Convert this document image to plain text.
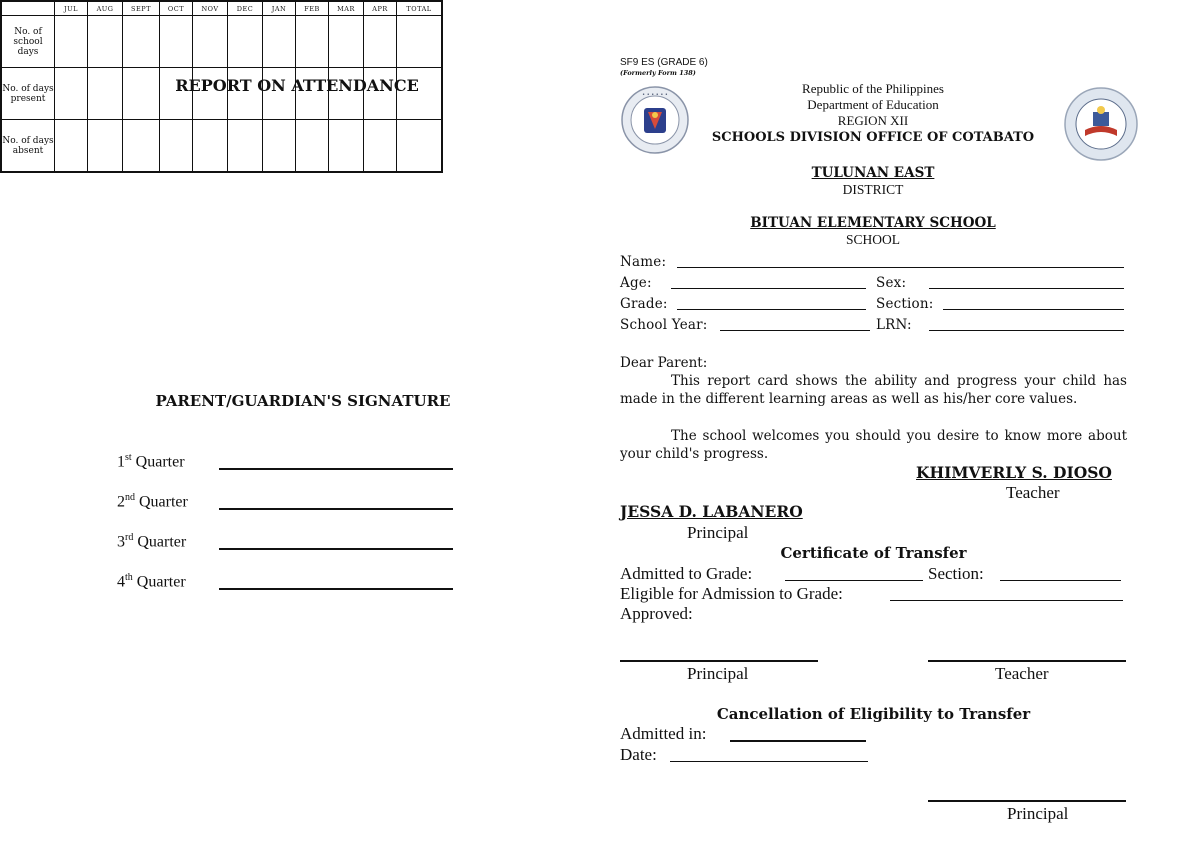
REPORT ON ATTENDANCE
	JUL	AUG	SEPT	OCT	NOV	DEC	JAN	FEB	MAR	APR	TOTAL
No. of school days											
No. of days present											
No. of days absent											
PARENT/GUARDIAN'S SIGNATURE
1st Quarter
2nd Quarter
3rd Quarter
4th Quarter
SF9 ES (GRADE 6)
(Formerly Form 138)
• • • • • •	Republic of the Philippines
Department of Education
REGION XII
SCHOOLS DIVISION OFFICE OF COTABATO
TULUNAN EAST
DISTRICT
BITUAN ELEMENTARY SCHOOL
SCHOOL
Name:
Age:	Sex:
Grade:	Section:
School Year:	LRN:
Dear Parent:
This report card shows the ability and progress your child has made in the different learning areas as well as his/her core values.
The school welcomes you should you desire to know more about your child's progress.
KHIMVERLY S. DIOSO
Teacher
JESSA D. LABANERO
Principal
Certificate of Transfer
Admitted to Grade:	Section:
Eligible for Admission to Grade:
Approved:
Principal	Teacher
Cancellation of Eligibility to Transfer
Admitted in:
Date:
Principal
